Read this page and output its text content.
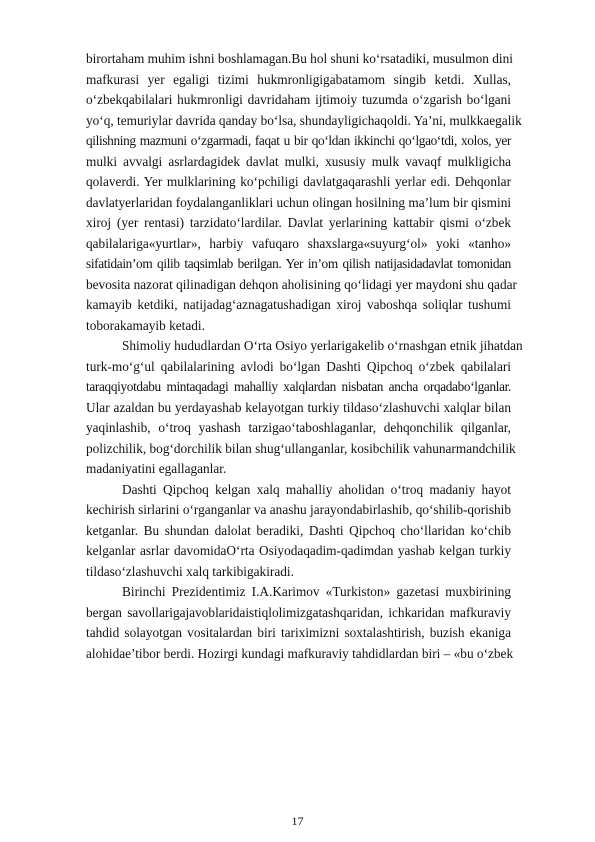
birortaham muhim ishni boshlamagan.Bu hol shuni ko‘rsatadiki, musulmon dini
mafkurasi yer egaligi tizimi hukmronligigabatamom singib ketdi. Xullas,
o‘zbekqabilalari hukmronligi davridaham ijtimoiy tuzumda o‘zgarish bo‘lgani
yo‘q, temuriylar davrida qanday bo‘lsa, shundayligichaqoldi. Ya’ni, mulkkaegalik
qilishning mazmuni o‘zgarmadi, faqat u bir qo‘ldan ikkinchi qo‘lgao‘tdi, xolos, yer
mulki avvalgi asrlardagidek davlat mulki, xususiy mulk vavaqf mulkligicha
qolaverdi. Yer mulklarining ko‘pchiligi davlatgaqarashli yerlar edi. Dehqonlar
davlatyerlaridan foydalanganliklari uchun olingan hosilning ma’lum bir qismini
xiroj (yer rentasi) tarzidato‘lardilar. Davlat yerlarining kattabir qismi o‘zbek
qabilalariga«yurtlar», harbiy vafuqaro shaxslarga«suyurg‘ol» yoki «tanho»
sifatidain’om qilib taqsimlab berilgan. Yer in’om qilish natijasidadavlat tomonidan
bevosita nazorat qilinadigan dehqon aholisining qo‘lidagi yer maydoni shu qadar
kamayib ketdiki, natijadag‘aznagatushadigan xiroj vaboshqa soliqlar tushumi
toborakamayib ketadi.
Shimoliy hududlardan O‘rta Osiyo yerlarigakelib o‘rnashgan etnik jihatdan
turk-mo‘g‘ul qabilalarining avlodi bo‘lgan Dashti Qipchoq o‘zbek qabilalari
taraqqiyotdabu mintaqadagi mahalliy xalqlardan nisbatan ancha orqadabo‘lganlar.
Ular azaldan bu yerdayashab kelayotgan turkiy tildaso‘zlashuvchi xalqlar bilan
yaqinlashib, o‘troq yashash tarzigao‘taboshlaganlar, dehqonchilik qilganlar,
polizchilik, bog‘dorchilik bilan shug‘ullanganlar, kosibchilik vahunarmandchilik
madaniyatini egallaganlar.
Dashti Qipchoq kelgan xalq mahalliy aholidan o‘troq madaniy hayot
kechirish sirlarini o‘rganganlar va anashu jarayondabirlashib, qo‘shilib-qorishib
ketganlar. Bu shundan dalolat beradiki, Dashti Qipchoq cho‘llaridan ko‘chib
kelganlar asrlar davomidaO‘rta Osiyodaqadim-qadimdan yashab kelgan turkiy
tildaso‘zlashuvchi xalq tarkibigakiradi.
Birinchi Prezidentimiz I.A.Karimov «Turkiston» gazetasi muxbirining
bergan savollarigajavoblaridaistiqlolimizgatashqaridan, ichkaridan mafkuraviy
tahdid solayotgan vositalardan biri tariximizni soxtalashtirish, buzish ekaniga
alohidae’tibor berdi. Hozirgi kundagi mafkuraviy tahdidlardan biri – «bu o‘zbek
17
